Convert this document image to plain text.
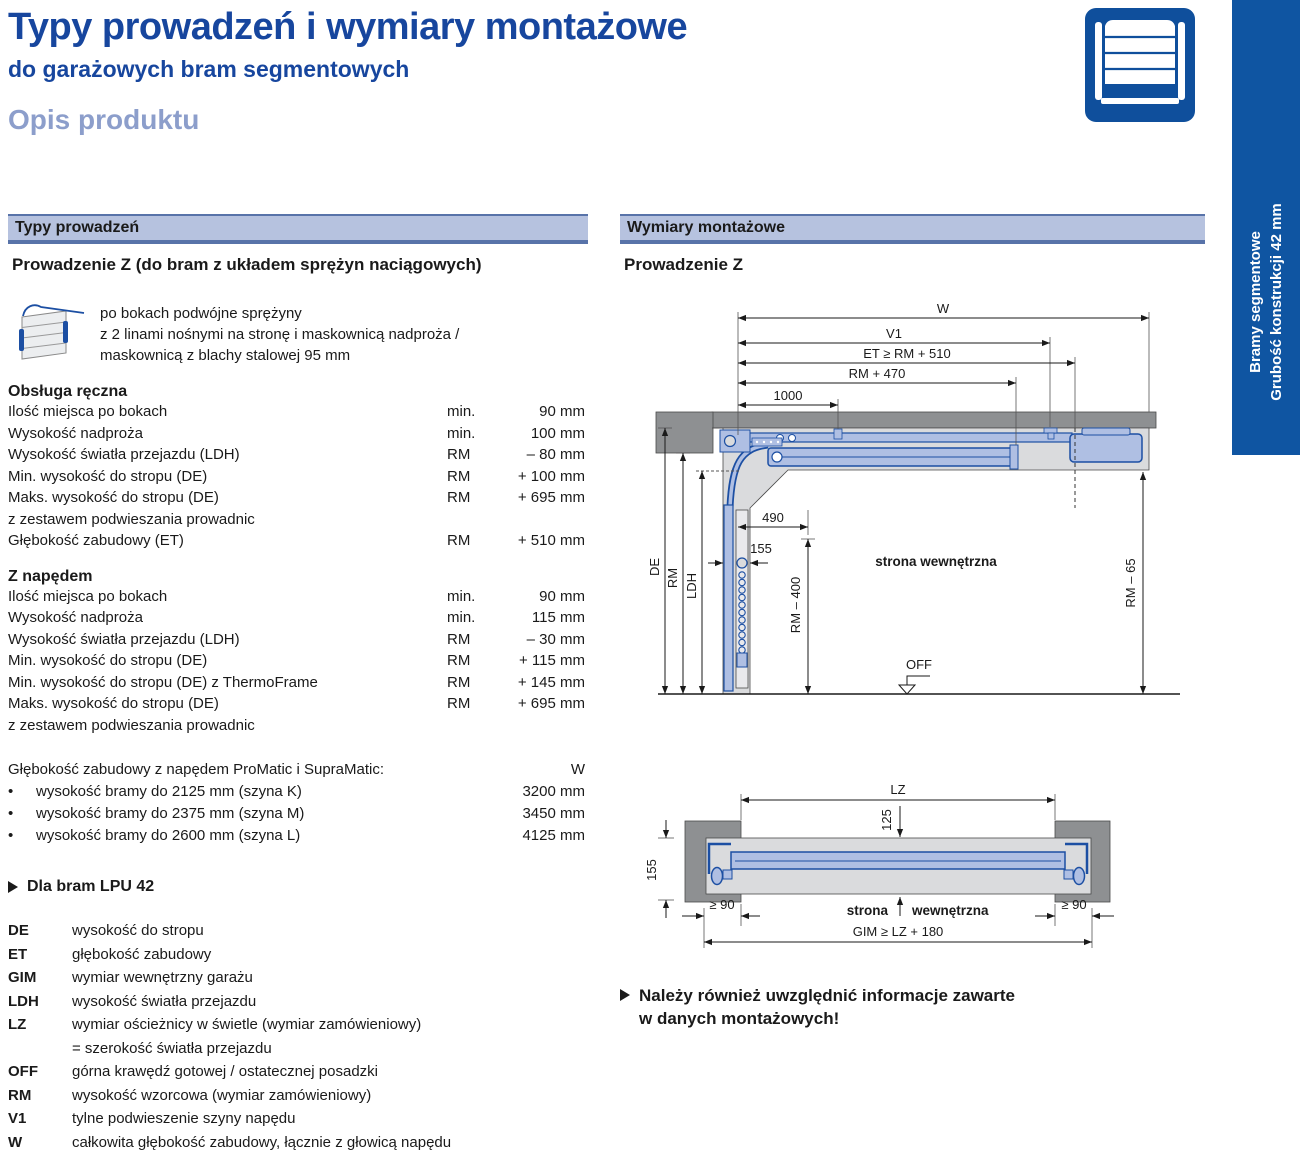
Typy prowadzeń i wymiary montażowe
do garażowych bram segmentowych
Opis produktu
Bramy segmentowe Grubość konstrukcji 42 mm
Typy prowadzeń
Prowadzenie Z (do bram z układem sprężyn naciągowych)
po bokach podwójne sprężyny
z 2 linami nośnymi na stronę i maskownicą nadproża /
maskownicą z blachy stalowej 95 mm
Obsługa ręczna
Ilość miejsca po bokach	min.	90 mm
Wysokość nadproża	min.	100 mm
Wysokość światła przejazdu (LDH)	RM	– 80 mm
Min. wysokość do stropu (DE)	RM	+ 100 mm
Maks. wysokość do stropu (DE)	RM	+ 695 mm
z zestawem podwieszania prowadnic
Głębokość zabudowy (ET)	RM	+ 510 mm
Z napędem
Ilość miejsca po bokach	min.	90 mm
Wysokość nadproża	min.	115 mm
Wysokość światła przejazdu (LDH)	RM	– 30 mm
Min. wysokość do stropu (DE)	RM	+ 115 mm
Min. wysokość do stropu (DE) z ThermoFrame	RM	+ 145 mm
Maks. wysokość do stropu (DE)	RM	+ 695 mm
z zestawem podwieszania prowadnic
Głębokość zabudowy z napędem ProMatic i SupraMatic:	W
•	wysokość bramy do 2125 mm (szyna K)	3200 mm
•	wysokość bramy do 2375 mm (szyna M)	3450 mm
•	wysokość bramy do 2600 mm (szyna L)	4125 mm
Dla bram LPU 42
DE	wysokość do stropu
ET	głębokość zabudowy
GIM	wymiar wewnętrzny garażu
LDH	wysokość światła przejazdu
LZ	wymiar ościeżnicy w świetle (wymiar zamówieniowy)
= szerokość światła przejazdu
OFF	górna krawędź gotowej / ostatecznej posadzki
RM	wysokość wzorcowa (wymiar zamówieniowy)
V1	tylne podwieszenie szyny napędu
W	całkowita głębokość zabudowy, łącznie z głowicą napędu
Wymiary montażowe
Prowadzenie Z
W
V1
ET ≥ RM + 510
RM + 470
1000
490
155
DE
RM LDH	RM – 400	RM – 65
strona wewnętrzna
OFF
LZ
125
155
≥ 90	≥ 90
strona wewnętrzna
GIM ≥ LZ + 180
Należy również uwzględnić informacje zawarte
w danych montażowych!
